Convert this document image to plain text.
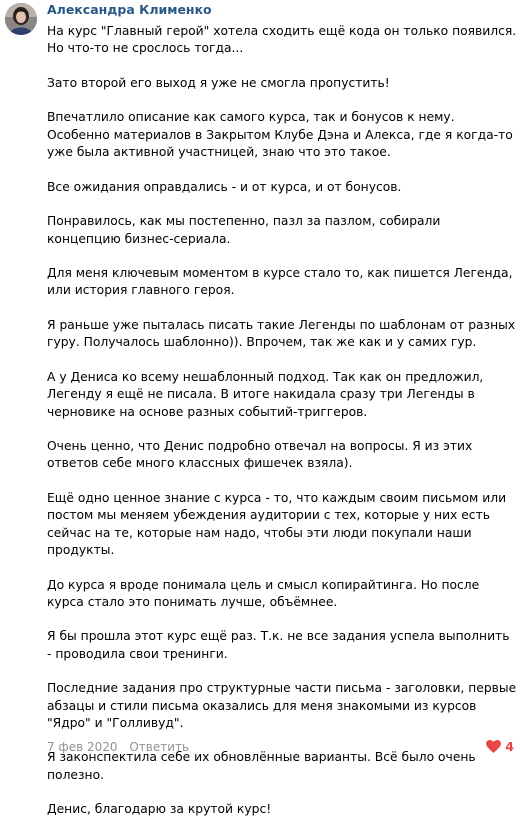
Александра Клименко

На курс "Главный герой" хотела сходить ещё кода он только появился. Но что-то не срослось тогда...

Зато второй его выход я уже не смогла пропустить!

Впечатлило описание как самого курса, так и бонусов к нему. Особенно материалов в Закрытом Клубе Дэна и Алекса, где я когда-то уже была активной участницей, знаю что это такое.

Все ожидания оправдались - и от курса, и от бонусов.

Понравилось, как мы постепенно, пазл за пазлом, собирали концепцию бизнес-сериала.

Для меня ключевым моментом в курсе стало то, как пишется Легенда, или история главного героя.

Я раньше уже пыталась писать такие Легенды по шаблонам от разных гуру. Получалось шаблонно)). Впрочем, так же как и у самих гур.

А у Дениса ко всему нешаблонный подход. Так как он предложил, Легенду я ещё не писала. В итоге накидала сразу три Легенды в черновике на основе разных событий-триггеров.

Очень ценно, что Денис подробно отвечал на вопросы. Я из этих ответов себе много классных фишечек взяла).

Ещё одно ценное знание с курса - то, что каждым своим письмом или постом мы меняем убеждения аудитории с тех, которые у них есть сейчас на те, которые нам надо, чтобы эти люди покупали наши продукты.

До курса я вроде понимала цель и смысл копирайтинга. Но после курса стало это понимать лучше, объёмнее.

Я бы прошла этот курс ещё раз. Т.к. не все задания успела выполнить - проводила свои тренинги.

Последние задания про структурные части письма - заголовки, первые абзацы и стили письма оказались для меня знакомыми из курсов "Ядро" и "Голливуд".

Я законспектила себе их обновлённые варианты. Всё было очень полезно.

Денис, благодарю за крутой курс!

7 фев 2020 Ответить	4
